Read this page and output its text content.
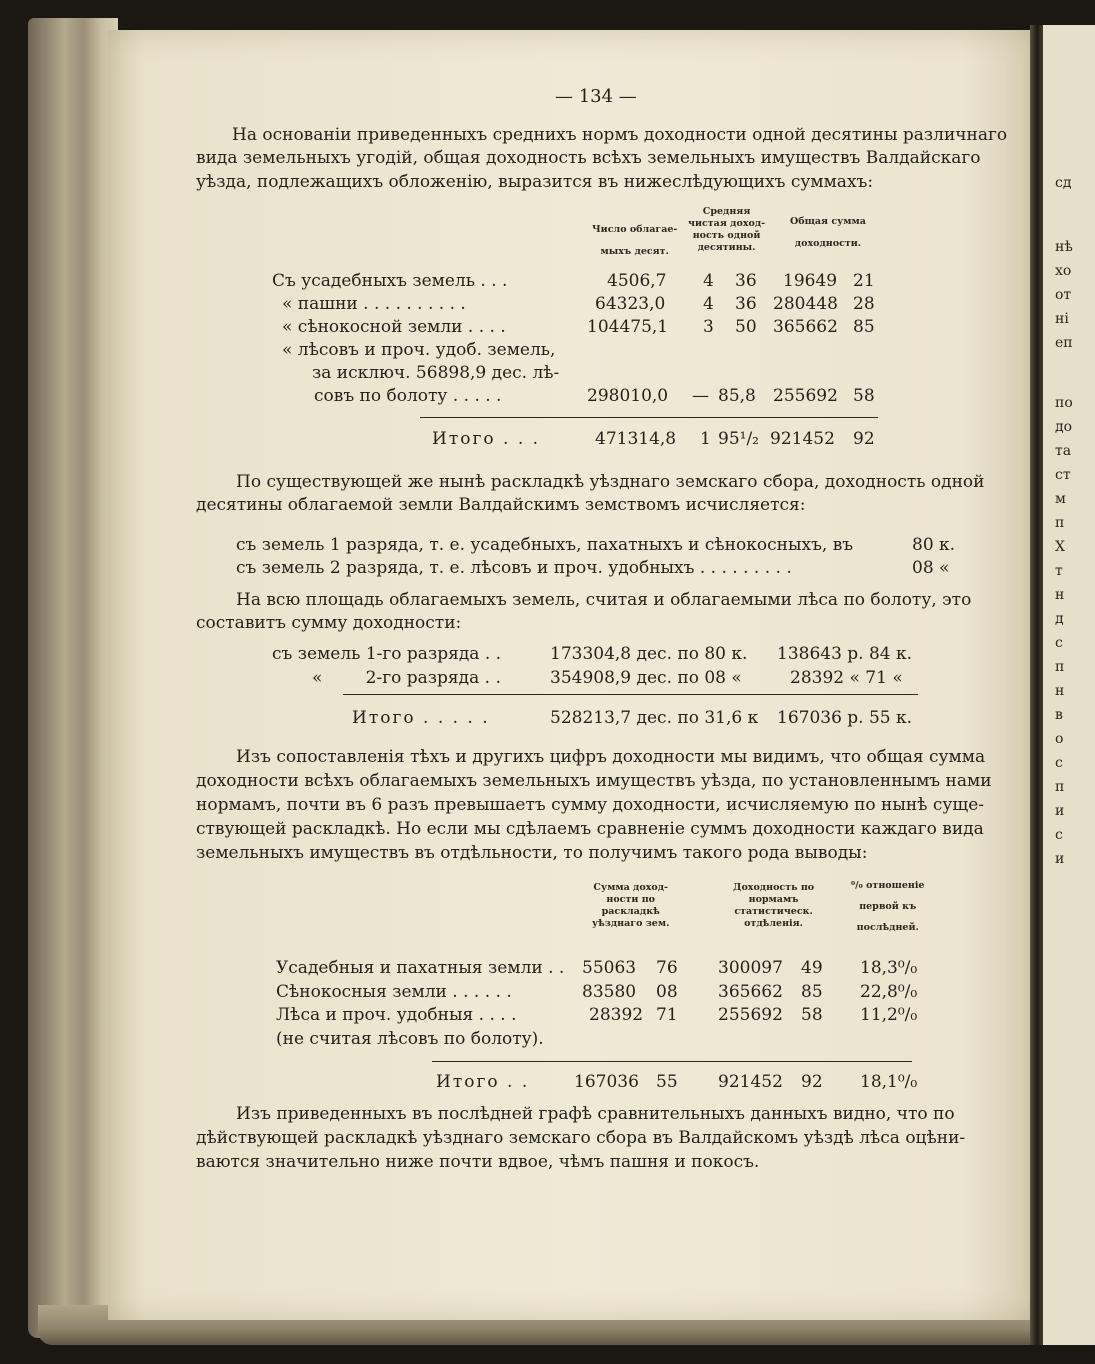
сд
нѣ
хо
от
ні
еп
по
до
та
ст
м
п
Х
т
н
д
с
п
н
в
о
с
п
и
с
и
— 134 —
На основаніи приведенныхъ среднихъ нормъ доходности одной десятины различнаго
вида земельныхъ угодій, общая доходность всѣхъ земельныхъ имуществъ Валдайскаго
уѣзда, подлежащихъ обложенію, выразится въ нижеслѣдующихъ суммахъ:
Число облагае-
мыхъ десят.
Средняя
чистая доход-
ность одной
десятины.
Общая сумма
доходности.
Съ усадебныхъ земель . . .	4506,7 4 36 19649 21
« пашни . . . . . . . . . .	64323,0 4 36 280448 28
« сѣнокосной земли . . . .	104475,1 3 50 365662 85
« лѣсовъ и проч. удоб. земель,
за исключ. 56898,9 дес. лѣ-
совъ по болоту . . . . .	298010,0 — 85,8 255692 58
Итого . . .	471314,8 1 95¹/₂ 921452 92
По существующей же нынѣ раскладкѣ уѣзднаго земскаго сбора, доходность одной
десятины облагаемой земли Валдайскимъ земствомъ исчисляется:
съ земель 1 разряда, т. е. усадебныхъ, пахатныхъ и сѣнокосныхъ, въ	80 к.
съ земель 2 разряда, т. е. лѣсовъ и проч. удобныхъ . . . . . . . . .	08 «
На всю площадь облагаемыхъ земель, считая и облагаемыми лѣса по болоту, это
составитъ сумму доходности:
съ земель 1-го разряда . .	173304,8 дес. по 80 к. 138643 р. 84 к.
«        2-го разряда . .	354908,9 дес. по 08 «	28392 « 71 «
Итого . . . . .	528213,7 дес. по 31,6 к 167036 р. 55 к.
Изъ сопоставленія тѣхъ и другихъ цифръ доходности мы видимъ, что общая сумма
доходности всѣхъ облагаемыхъ земельныхъ имуществъ уѣзда, по установленнымъ нами
нормамъ, почти въ 6 разъ превышаетъ сумму доходности, исчисляемую по нынѣ суще-
ствующей раскладкѣ. Но если мы сдѣлаемъ сравненіе суммъ доходности каждаго вида
земельныхъ имуществъ въ отдѣльности, то получимъ такого рода выводы:
Сумма доход-
ности по
раскладкѣ
уѣзднаго зем.
Доходность по
нормамъ
статистическ.
отдѣленія.
⁰/₀ отношеніе
первой къ
послѣдней.
Усадебныя и пахатныя земли . . 55063 76 300097 49 18,3⁰/₀
Сѣнокосныя земли . . . . . .	83580 08 365662 85 22,8⁰/₀
Лѣса и проч. удобныя . . . .	28392 71 255692 58 11,2⁰/₀
(не считая лѣсовъ по болоту).
Итого . .	167036 55 921452 92 18,1⁰/₀
Изъ приведенныхъ въ послѣдней графѣ сравнительныхъ данныхъ видно, что по
дѣйствующей раскладкѣ уѣзднаго земскаго сбора въ Валдайскомъ уѣздѣ лѣса оцѣни-
ваются значительно ниже почти вдвое, чѣмъ пашня и покосъ.
